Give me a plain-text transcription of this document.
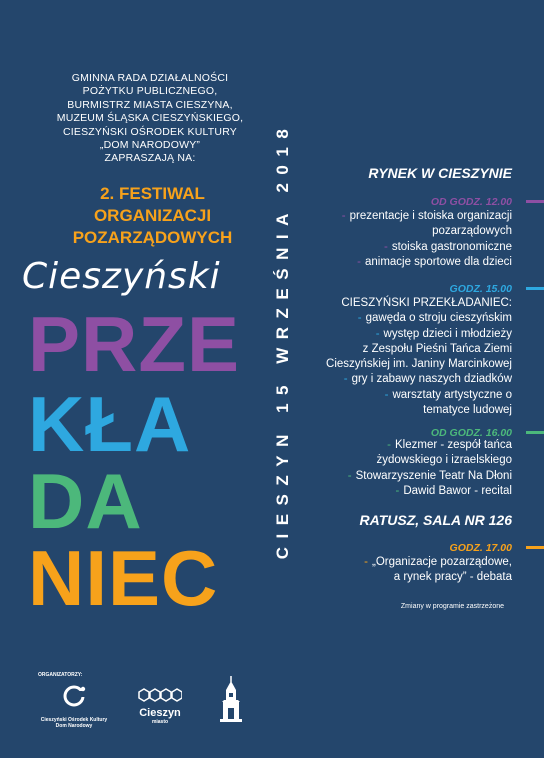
GMINNA RADA DZIAŁALNOŚCI
POŻYTKU PUBLICZNEGO,
BURMISTRZ MIASTA CIESZYNA,
MUZEUM ŚLĄSKA CIESZYŃSKIEGO,
CIESZYŃSKI OŚRODEK KULTURY
„DOM NARODOWY”
ZAPRASZAJĄ NA:
2. FESTIWAL
ORGANIZACJI
POZARZĄDOWYCH
Cieszyński
PRZE
KŁA
DA
NIEC
CIESZYN 15 WRZEŚNIA 2018	RYNEK W CIESZYNIE
OD GODZ. 12.00
- prezentacje i stoiska organizacji
pozarządowych
- stoiska gastronomiczne
- animacje sportowe dla dzieci
GODZ. 15.00
CIESZYŃSKI PRZEKŁADANIEC:
- gawęda o stroju cieszyńskim
- występ dzieci i młodzieży
z Zespołu Pieśni Tańca Ziemi
Cieszyńskiej im. Janiny Marcinkowej
- gry i zabawy naszych dziadków
- warsztaty artystyczne o
tematyce ludowej
OD GODZ. 16.00
- Klezmer - zespół tańca
żydowskiego i izraelskiego
- Stowarzyszenie Teatr Na Dłoni
- Dawid Bawor - recital
RATUSZ, SALA NR 126
GODZ. 17.00
- „Organizacje pozarządowe,
a rynek pracy” - debata
Zmiany w programie zastrzeżone
ORGANIZATORZY:
Cieszyński Ośrodek Kultury
Dom Narodowy
Cieszyn
miasto
